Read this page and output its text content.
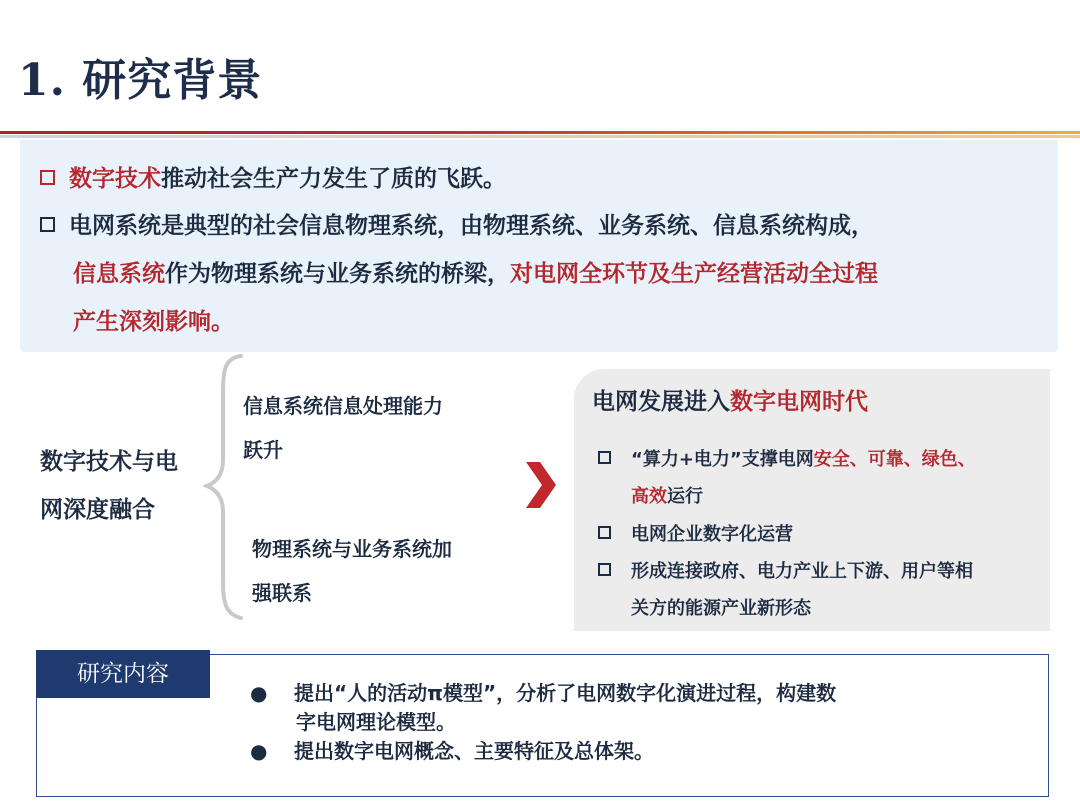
1. 研究背景
数字技术推动社会生产力发生了质的飞跃。
电网系统是典型的社会信息物理系统，由物理系统、业务系统、信息系统构成，
信息系统作为物理系统与业务系统的桥梁，对电网全环节及生产经营活动全过程
产生深刻影响。
数字技术与电
网深度融合
信息系统信息处理能力
跃升
物理系统与业务系统加
强联系
电网发展进入数字电网时代
“算力+电力”支撑电网安全、可靠、绿色、
高效运行
电网企业数字化运营
形成连接政府、电力产业上下游、用户等相
关方的能源产业新形态
研究内容
● 提出“人的活动π模型”，分析了电网数字化演进过程，构建数
字电网理论模型。
● 提出数字电网概念、主要特征及总体架。
